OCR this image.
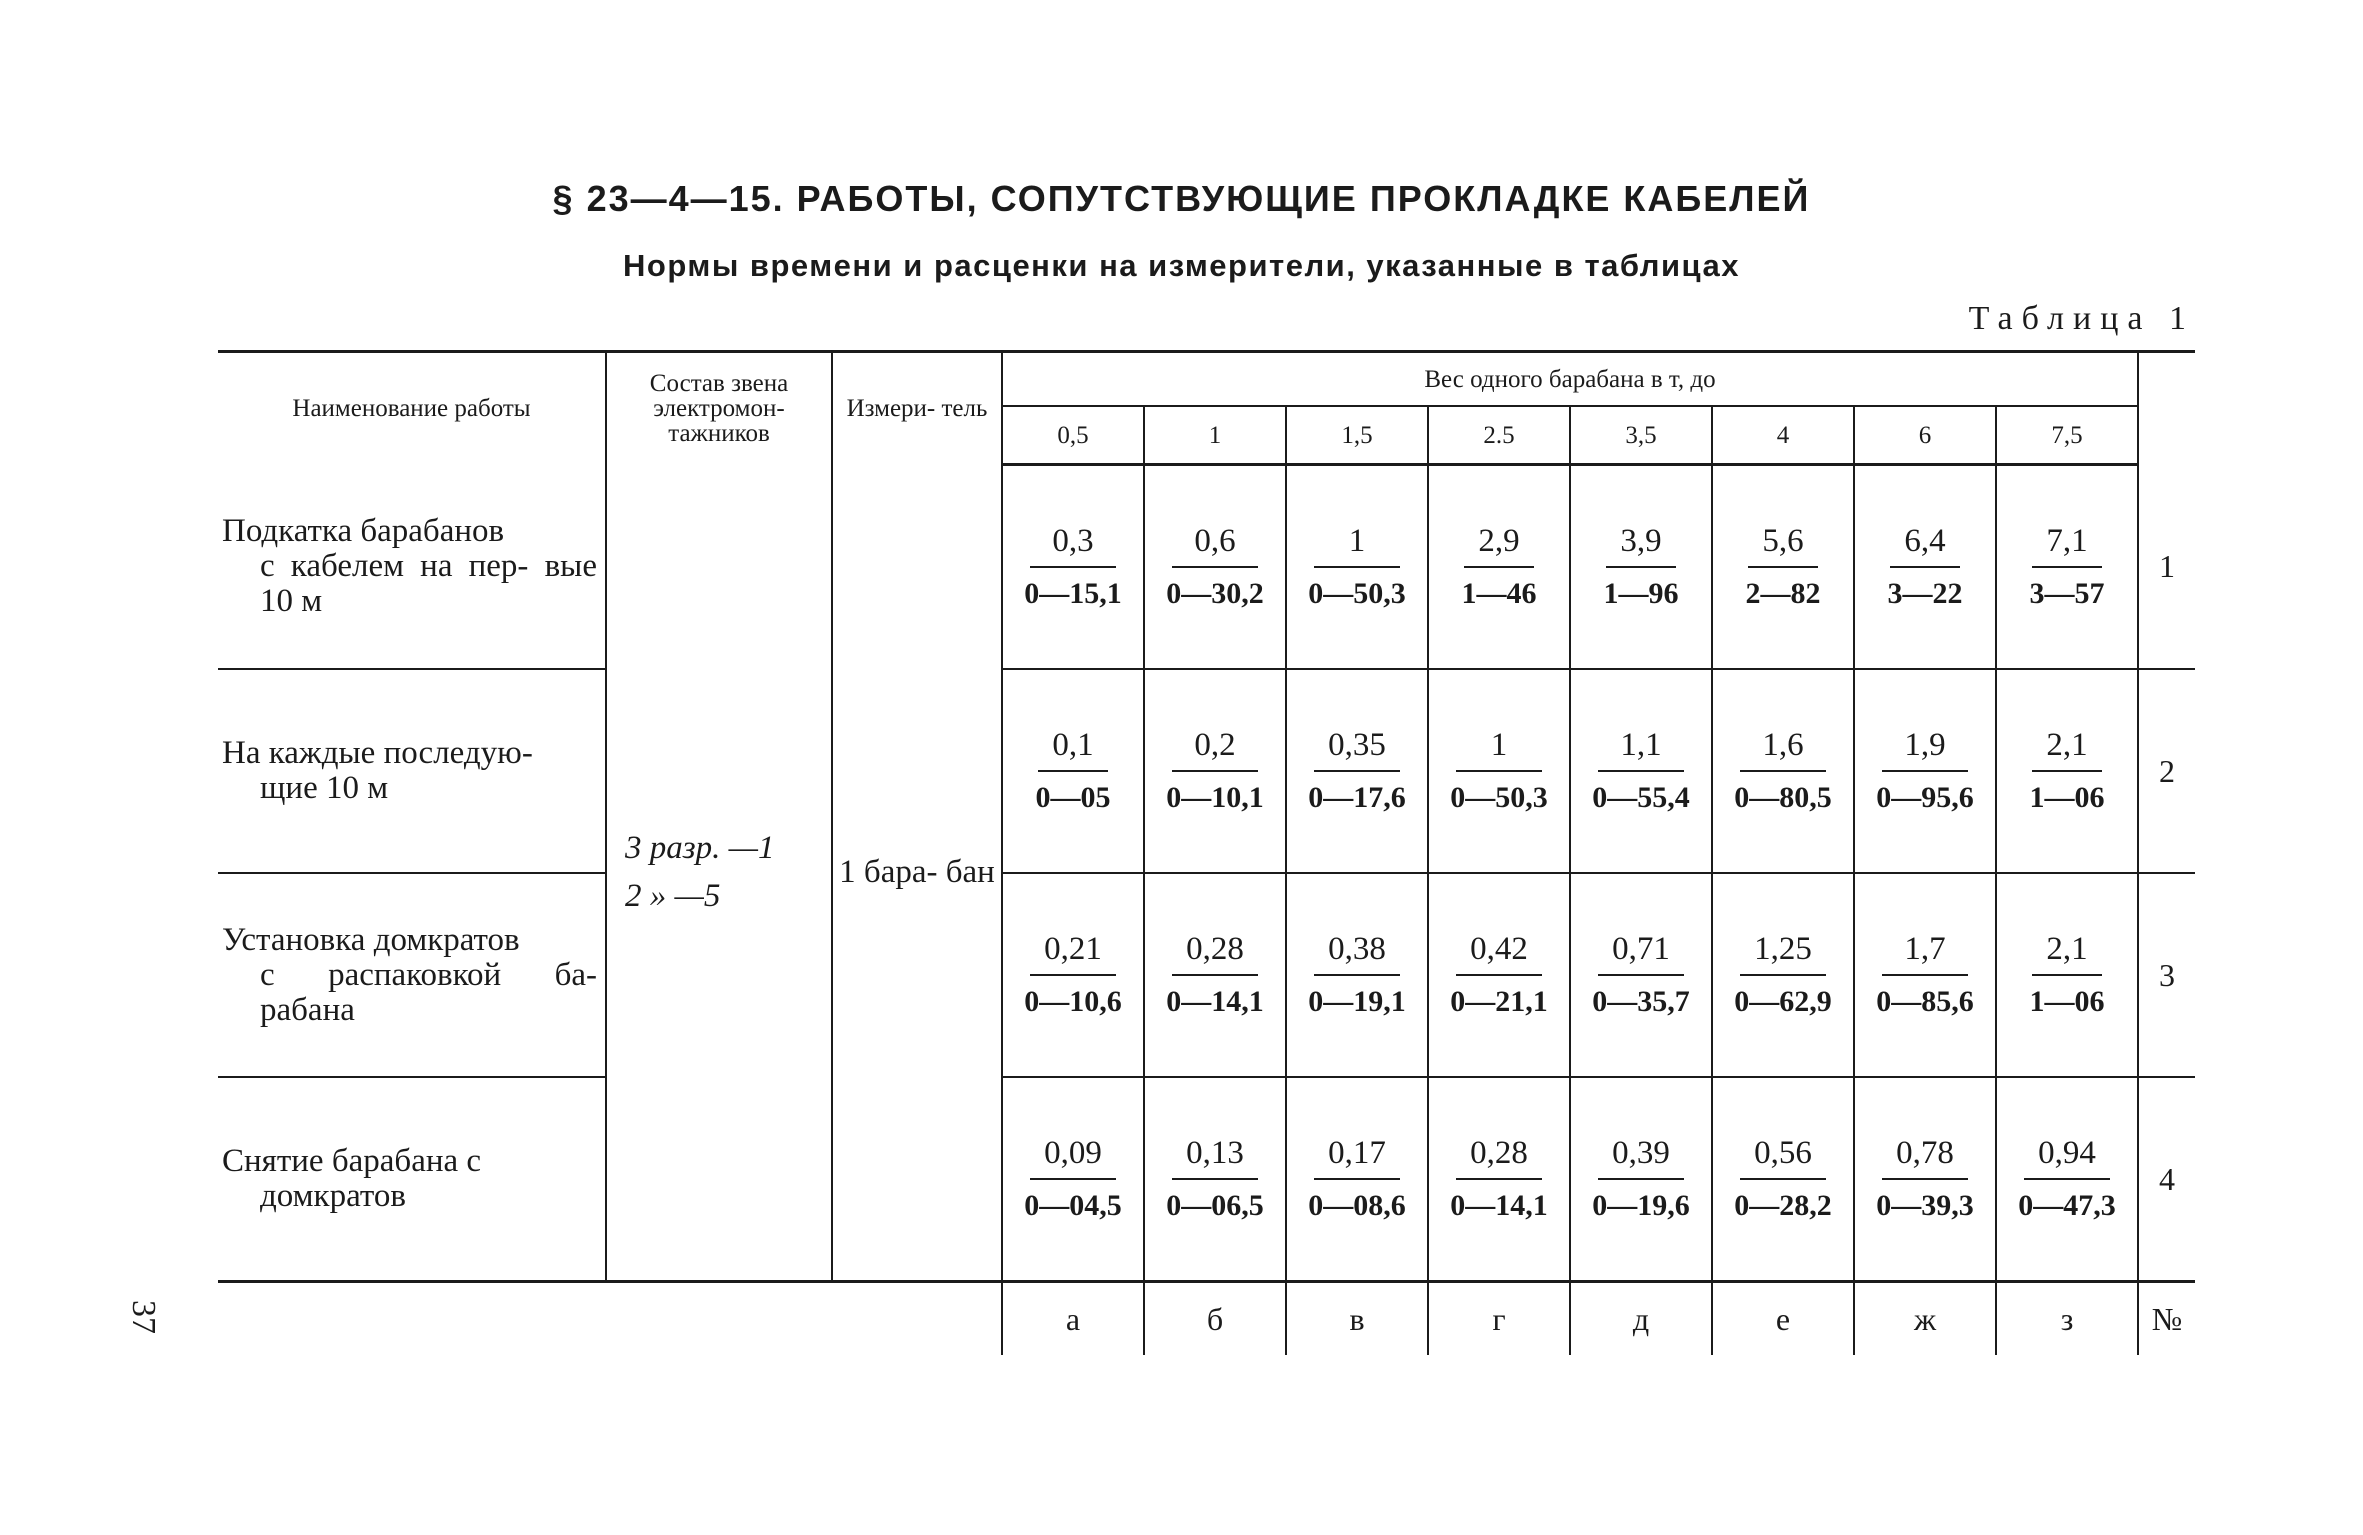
§ 23—4—15. РАБОТЫ, СОПУТСТВУЮЩИЕ ПРОКЛАДКЕ КАБЕЛЕЙ
Нормы времени и расценки на измерители, указанные в таблицах
Таблица 1
37
Наименование работы	Состав звена электромон- тажников	Измери- тель	Вес одного барабана в т, до								
			0,5	1	1,5	2.5	3,5	4	6	7,5	

Подкатка барабанов
с кабелем на пер- вые 10 м	3 разр. —1
2 » —5	1 бара- бан	$\frac{0,3}{0—15,1}$	$\frac{0,6}{0—30,2}$	$\frac{1}{0—50,3}$	$\frac{2,9}{1—46}$	$\frac{3,9}{1—96}$	$\frac{5,6}{2—82}$	$\frac{6,4}{3—22}$	$\frac{7,1}{3—57}$	1

На каждые последую-
щие 10 м			$\frac{0,1}{0—05}$	$\frac{0,2}{0—10,1}$	$\frac{0,35}{0—17,6}$	$\frac{1}{0—50,3}$	$\frac{1,1}{0—55,4}$	$\frac{1,6}{0—80,5}$	$\frac{1,9}{0—95,6}$	$\frac{2,1}{1—06}$	2

Установка домкратов
с распаковкой ба- рабана			$\frac{0,21}{0—10,6}$	$\frac{0,28}{0—14,1}$	$\frac{0,38}{0—19,1}$	$\frac{0,42}{0—21,1}$	$\frac{0,71}{0—35,7}$	$\frac{1,25}{0—62,9}$	$\frac{1,7}{0—85,6}$	$\frac{2,1}{1—06}$	3

Снятие барабана с
домкратов			$\frac{0,09}{0—04,5}$	$\frac{0,13}{0—06,5}$	$\frac{0,17}{0—08,6}$	$\frac{0,28}{0—14,1}$	$\frac{0,39}{0—19,6}$	$\frac{0,56}{0—28,2}$	$\frac{0,78}{0—39,3}$	$\frac{0,94}{0—47,3}$	4
			а	б	в	г	д	е	ж	з	№
